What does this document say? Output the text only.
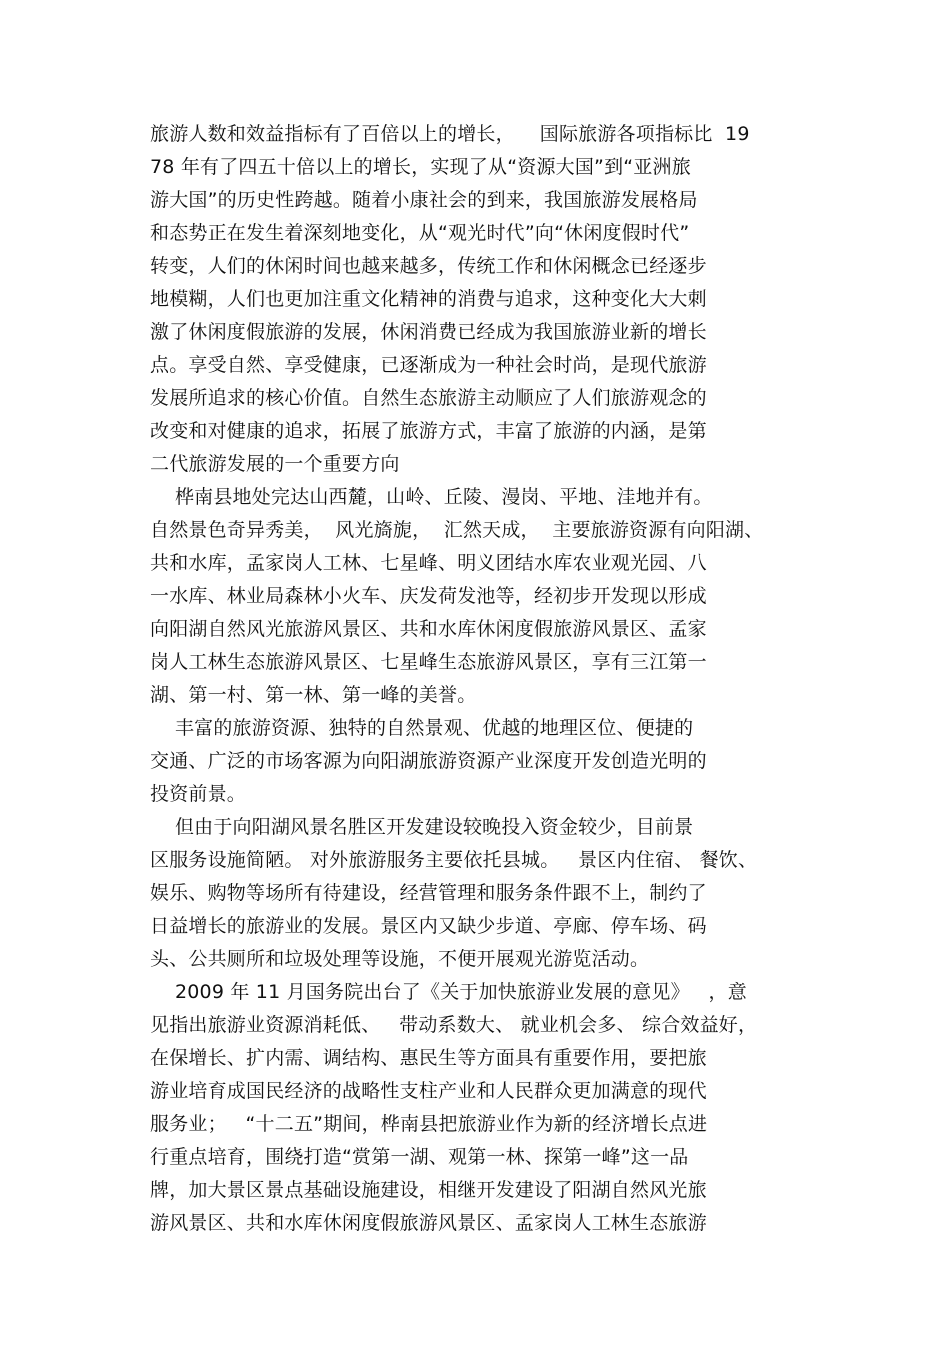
旅游人数和效益指标有了百倍以上的增长，    国际旅游各项指标比  19
78 年有了四五十倍以上的增长，实现了从“资源大国”到“亚洲旅
游大国”的历史性跨越。随着小康社会的到来，我国旅游发展格局
和态势正在发生着深刻地变化，从“观光时代”向“休闲度假时代”
转变，人们的休闲时间也越来越多，传统工作和休闲概念已经逐步
地模糊，人们也更加注重文化精神的消费与追求，这种变化大大刺
激了休闲度假旅游的发展，休闲消费已经成为我国旅游业新的增长
点。享受自然、享受健康，已逐渐成为一种社会时尚，是现代旅游
发展所追求的核心价值。自然生态旅游主动顺应了人们旅游观念的
改变和对健康的追求，拓展了旅游方式，丰富了旅游的内涵，是第
二代旅游发展的一个重要方向
桦南县地处完达山西麓，山岭、丘陵、漫岗、平地、洼地并有。
自然景色奇异秀美，  风光旖旎，  汇然天成，  主要旅游资源有向阳湖、
共和水库，孟家岗人工林、七星峰、明义团结水库农业观光园、八
一水库、林业局森林小火车、庆发荷发池等，经初步开发现以形成
向阳湖自然风光旅游风景区、共和水库休闲度假旅游风景区、孟家
岗人工林生态旅游风景区、七星峰生态旅游风景区，享有三江第一
湖、第一村、第一林、第一峰的美誉。
丰富的旅游资源、独特的自然景观、优越的地理区位、便捷的
交通、广泛的市场客源为向阳湖旅游资源产业深度开发创造光明的
投资前景。
但由于向阳湖风景名胜区开发建设较晚投入资金较少，目前景
区服务设施简陋。 对外旅游服务主要依托县城。   景区内住宿、 餐饮、
娱乐、购物等场所有待建设，经营管理和服务条件跟不上，制约了
日益增长的旅游业的发展。景区内又缺少步道、亭廊、停车场、码
头、公共厕所和垃圾处理等设施，不便开展观光游览活动。
2009 年 11 月国务院出台了《关于加快旅游业发展的意见》   ，意
见指出旅游业资源消耗低、   带动系数大、 就业机会多、 综合效益好，
在保增长、扩内需、调结构、惠民生等方面具有重要作用，要把旅
游业培育成国民经济的战略性支柱产业和人民群众更加满意的现代
服务业；   “十二五”期间，桦南县把旅游业作为新的经济增长点进
行重点培育，围绕打造“赏第一湖、观第一林、探第一峰”这一品
牌，加大景区景点基础设施建设，相继开发建设了阳湖自然风光旅
游风景区、共和水库休闲度假旅游风景区、孟家岗人工林生态旅游
